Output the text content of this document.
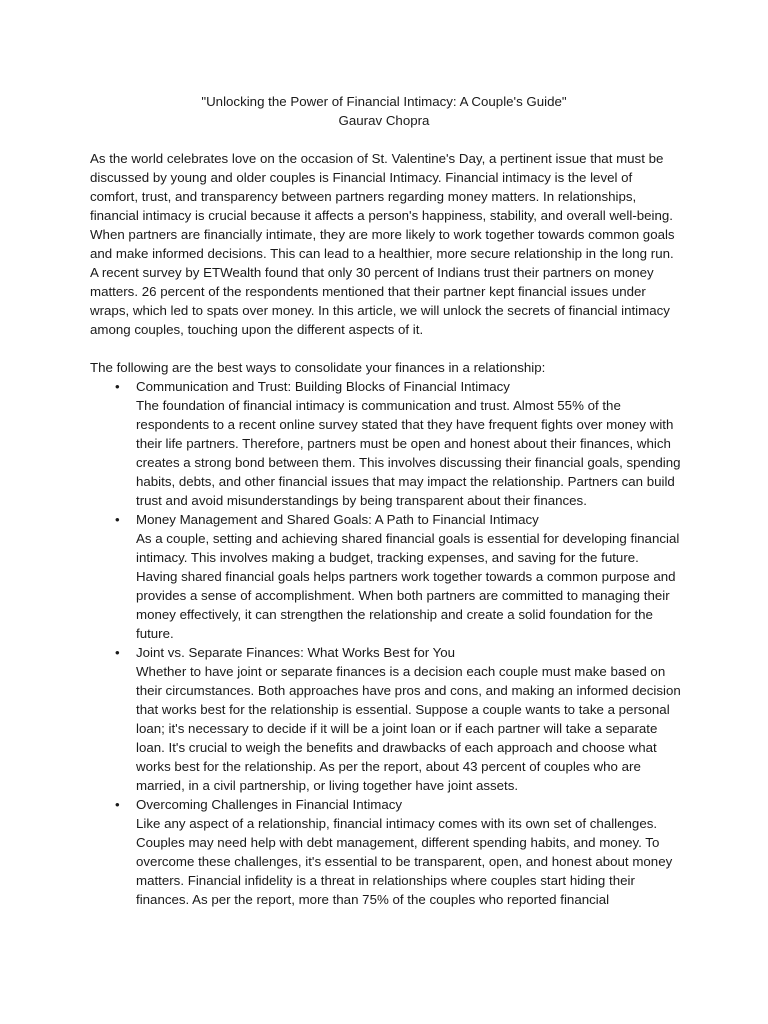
"Unlocking the Power of Financial Intimacy: A Couple's Guide"
Gaurav Chopra

As the world celebrates love on the occasion of St. Valentine's Day, a pertinent issue that must be discussed by young and older couples is Financial Intimacy. Financial intimacy is the level of comfort, trust, and transparency between partners regarding money matters. In relationships, financial intimacy is crucial because it affects a person's happiness, stability, and overall well-being. When partners are financially intimate, they are more likely to work together towards common goals and make informed decisions. This can lead to a healthier, more secure relationship in the long run. A recent survey by ETWealth found that only 30 percent of Indians trust their partners on money matters. 26 percent of the respondents mentioned that their partner kept financial issues under wraps, which led to spats over money. In this article, we will unlock the secrets of financial intimacy among couples, touching upon the different aspects of it.

The following are the best ways to consolidate your finances in a relationship:

•	Communication and Trust: Building Blocks of Financial Intimacy
The foundation of financial intimacy is communication and trust. Almost 55% of the respondents to a recent online survey stated that they have frequent fights over money with their life partners. Therefore, partners must be open and honest about their finances, which creates a strong bond between them. This involves discussing their financial goals, spending habits, debts, and other financial issues that may impact the relationship. Partners can build trust and avoid misunderstandings by being transparent about their finances.
•	Money Management and Shared Goals: A Path to Financial Intimacy
As a couple, setting and achieving shared financial goals is essential for developing financial intimacy. This involves making a budget, tracking expenses, and saving for the future. Having shared financial goals helps partners work together towards a common purpose and provides a sense of accomplishment. When both partners are committed to managing their money effectively, it can strengthen the relationship and create a solid foundation for the future.
•	Joint vs. Separate Finances: What Works Best for You
Whether to have joint or separate finances is a decision each couple must make based on their circumstances. Both approaches have pros and cons, and making an informed decision that works best for the relationship is essential. Suppose a couple wants to take a personal loan; it's necessary to decide if it will be a joint loan or if each partner will take a separate loan. It's crucial to weigh the benefits and drawbacks of each approach and choose what works best for the relationship. As per the report, about 43 percent of couples who are married, in a civil partnership, or living together have joint assets.
•	Overcoming Challenges in Financial Intimacy
Like any aspect of a relationship, financial intimacy comes with its own set of challenges. Couples may need help with debt management, different spending habits, and money. To overcome these challenges, it's essential to be transparent, open, and honest about money matters. Financial infidelity is a threat in relationships where couples start hiding their finances. As per the report, more than 75% of the couples who reported financial
